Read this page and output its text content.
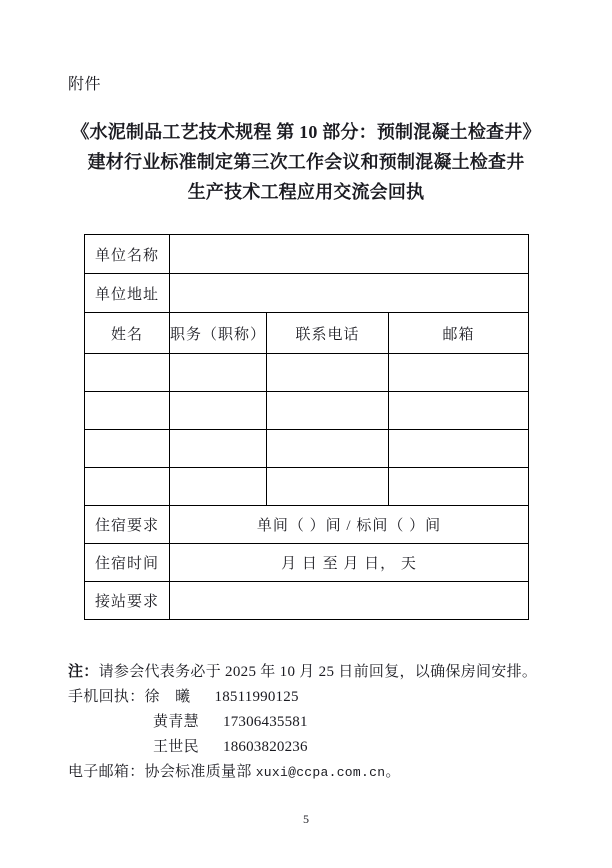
附件
《水泥制品工艺技术规程 第 10 部分：预制混凝土检查井》
建材行业标准制定第三次工作会议和预制混凝土检查井
生产技术工程应用交流会回执
单位名称			
单位地址			
姓名	职务（职称）	联系电话	邮箱

住宿要求	单间（ ）间 / 标间（ ）间		
住宿时间	月 日 至 月 日， 天		
接站要求			
注：请参会代表务必于 2025 年 10 月 25 日前回复，以确保房间安排。
手机回执：徐　曦 18511990125
黄青慧 17306435581
王世民 18603820236
电子邮箱：协会标准质量部 xuxi@ccpa.com.cn。
5
